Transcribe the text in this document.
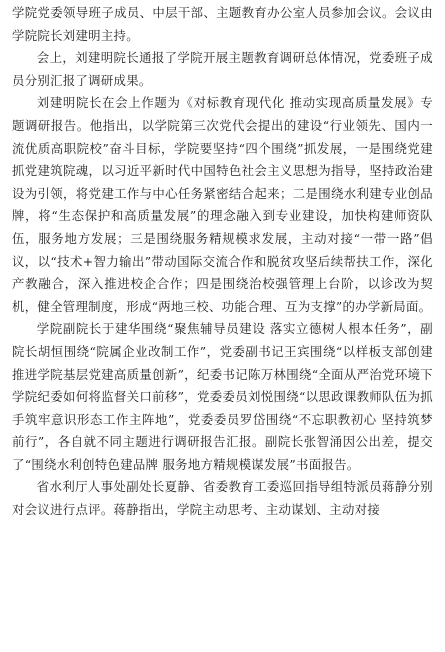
学院党委领导班子成员、中层干部、主题教育办公室人员参加会议。会议由学院院长刘建明主持。

会上，刘建明院长通报了学院开展主题教育调研总体情况，党委班子成员分别汇报了调研成果。

刘建明院长在会上作题为《对标教育现代化 推动实现高质量发展》专题调研报告。他指出，以学院第三次党代会提出的建设“行业领先、国内一流优质高职院校”奋斗目标，学院要坚持“四个围绕”抓发展，一是围绕党建抓党建筑院魂，以习近平新时代中国特色社会主义思想为指导，坚持政治建设为引领，将党建工作与中心任务紧密结合起来；二是围绕水利建专业创品牌，将“生态保护和高质量发展”的理念融入到专业建设，加快构建师资队伍，服务地方发展；三是围绕服务精规模求发展，主动对接“一带一路”倡议，以“技术+智力输出”带动国际交流合作和脱贫攻坚后续帮扶工作，深化产教融合，深入推进校企合作；四是围绕治校强管理上台阶，以诊改为契机，健全管理制度，形成“两地三校、功能合理、互为支撑”的办学新局面。

学院副院长于建华围绕“聚焦辅导员建设 落实立德树人根本任务”，副院长胡恒围绕“院属企业改制工作”，党委副书记王宾围绕“以样板支部创建推进学院基层党建高质量创新”，纪委书记陈万林围绕“全面从严治党环境下 学院纪委如何将监督关口前移”，党委委员刘悦围绕“以思政课教师队伍为抓手筑牢意识形态工作主阵地”，党委委员罗岱围绕“不忘职教初心 坚持筑梦前行”，各自就不同主题进行调研报告汇报。副院长张智涌因公出差，提交了“围绕水利创特色建品牌 服务地方精规模谋发展”书面报告。

省水利厅人事处副处长夏静、省委教育工委巡回指导组特派员蒋静分别对会议进行点评。蒋静指出，学院主动思考、主动谋划、主动对接
